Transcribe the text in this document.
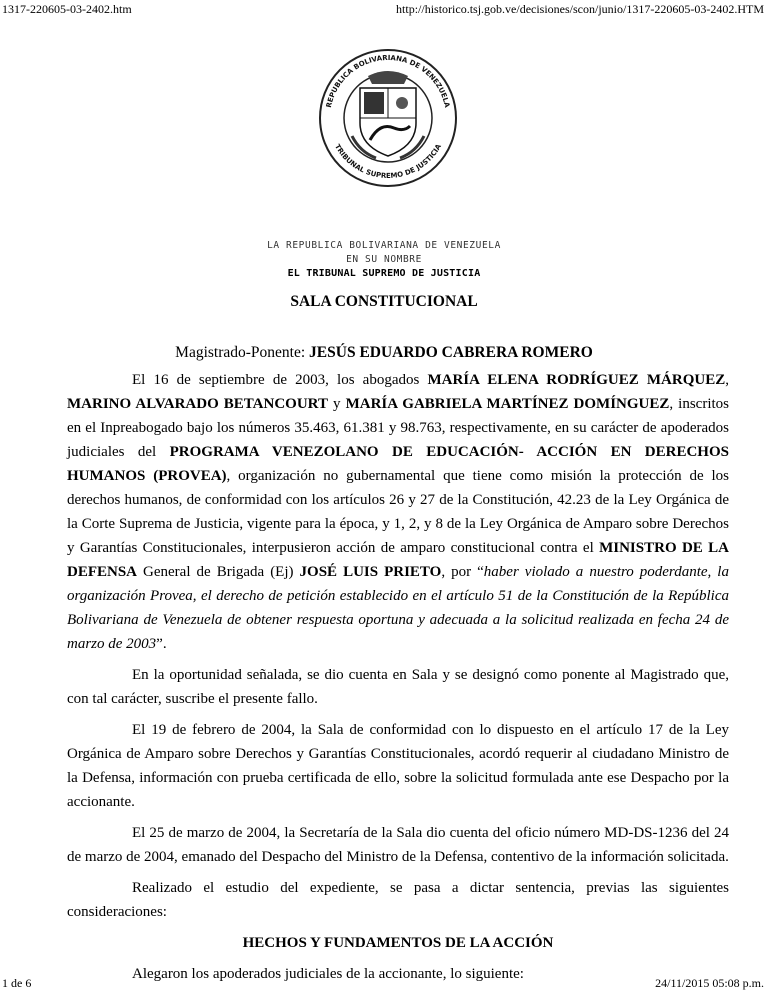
1317-220605-03-2402.htm	http://historico.tsj.gob.ve/decisiones/scon/junio/1317-220605-03-2402.HTM
REPUBLICA BOLIVARIANA DE VENEZUELA
TRIBUNAL SUPREMO DE JUSTICIA
LA REPUBLICA BOLIVARIANA DE VENEZUELA
EN SU NOMBRE
EL TRIBUNAL SUPREMO DE JUSTICIA
SALA CONSTITUCIONAL
Magistrado-Ponente: JESÚS EDUARDO CABRERA ROMERO

El 16 de septiembre de 2003, los abogados MARÍA ELENA RODRÍGUEZ MÁRQUEZ, MARINO ALVARADO BETANCOURT y MARÍA GABRIELA MARTÍNEZ DOMÍNGUEZ, inscritos en el Inpreabogado bajo los números 35.463, 61.381 y 98.763, respectivamente, en su carácter de apoderados judiciales del PROGRAMA VENEZOLANO DE EDUCACIÓN- ACCIÓN EN DERECHOS HUMANOS (PROVEA), organización no gubernamental que tiene como misión la protección de los derechos humanos, de conformidad con los artículos 26 y 27 de la Constitución, 42.23 de la Ley Orgánica de la Corte Suprema de Justicia, vigente para la época, y 1, 2, y 8 de la Ley Orgánica de Amparo sobre Derechos y Garantías Constitucionales, interpusieron acción de amparo constitucional contra el MINISTRO DE LA DEFENSA General de Brigada (Ej) JOSÉ LUIS PRIETO, por “haber violado a nuestro poderdante, la organización Provea, el derecho de petición establecido en el artículo 51 de la Constitución de la República Bolivariana de Venezuela de obtener respuesta oportuna y adecuada a la solicitud realizada en fecha 24 de marzo de 2003”.

En la oportunidad señalada, se dio cuenta en Sala y se designó como ponente al Magistrado que, con tal carácter, suscribe el presente fallo.

El 19 de febrero de 2004, la Sala de conformidad con lo dispuesto en el artículo 17 de la Ley Orgánica de Amparo sobre Derechos y Garantías Constitucionales, acordó requerir al ciudadano Ministro de la Defensa, información con prueba certificada de ello, sobre la solicitud formulada ante ese Despacho por la accionante.

El 25 de marzo de 2004, la Secretaría de la Sala dio cuenta del oficio número MD-DS-1236 del 24 de marzo de 2004, emanado del Despacho del Ministro de la Defensa, contentivo de la información solicitada.

Realizado el estudio del expediente, se pasa a dictar sentencia, previas las siguientes consideraciones:

HECHOS Y FUNDAMENTOS DE LA ACCIÓN

Alegaron los apoderados judiciales de la accionante, lo siguiente:

1 de 6	24/11/2015 05:08 p.m.
